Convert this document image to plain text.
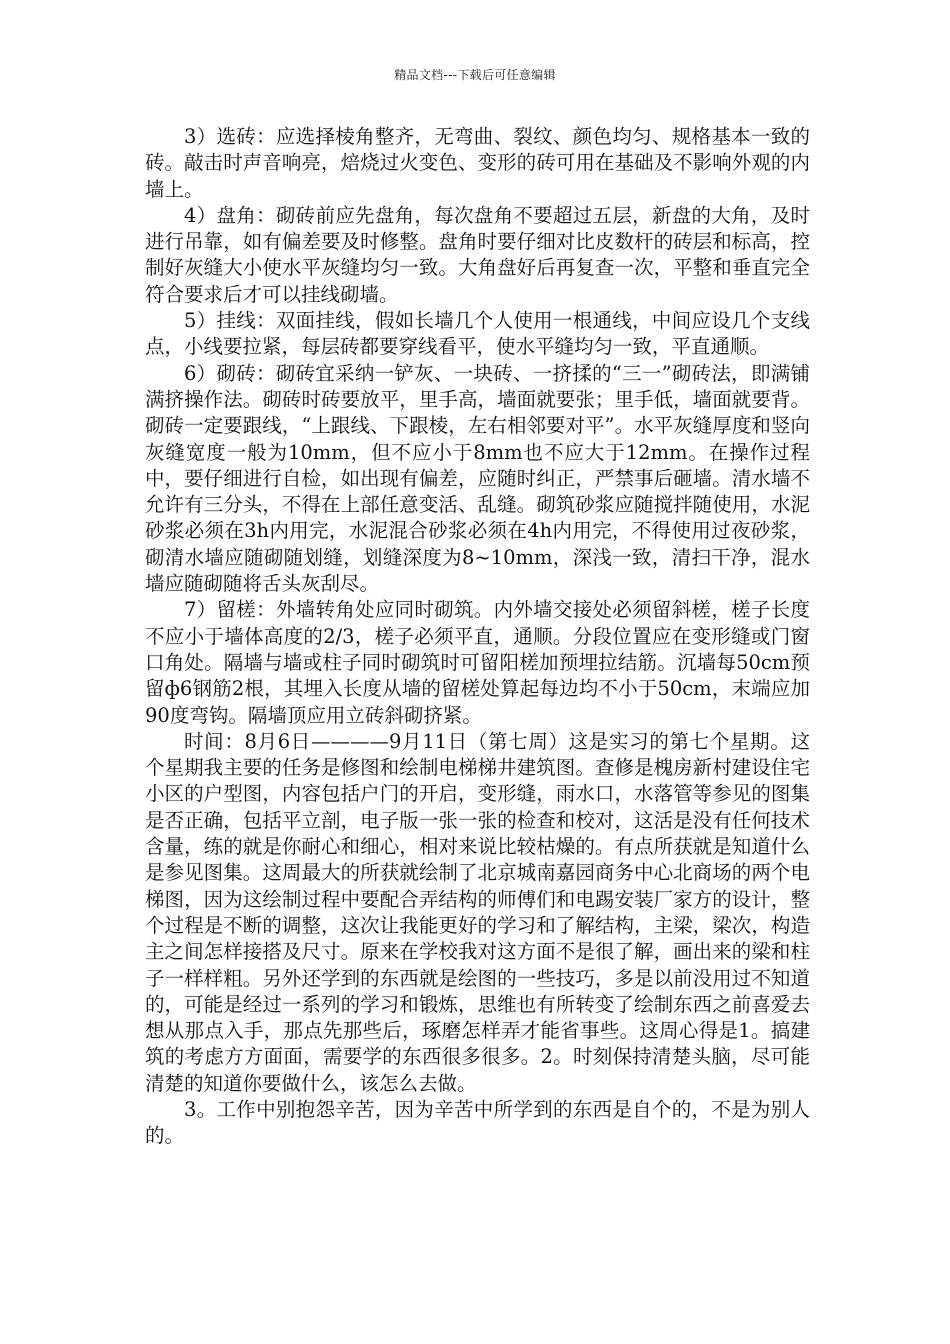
精品文档---下载后可任意编辑

3）选砖：应选择棱角整齐，无弯曲、裂纹、颜色均匀、规格基本一致的砖。敲击时声音响亮，焙烧过火变色、变形的砖可用在基础及不影响外观的内墙上。

4）盘角：砌砖前应先盘角，每次盘角不要超过五层，新盘的大角，及时进行吊靠，如有偏差要及时修整。盘角时要仔细对比皮数杆的砖层和标高，控制好灰缝大小使水平灰缝均匀一致。大角盘好后再复查一次，平整和垂直完全符合要求后才可以挂线砌墙。

5）挂线：双面挂线，假如长墙几个人使用一根通线，中间应设几个支线点，小线要拉紧，每层砖都要穿线看平，使水平缝均匀一致，平直通顺。

6）砌砖：砌砖宜采纳一铲灰、一块砖、一挤揉的“三一”砌砖法，即满铺满挤操作法。砌砖时砖要放平，里手高，墙面就要张；里手低，墙面就要背。砌砖一定要跟线，“上跟线、下跟棱，左右相邻要对平”。水平灰缝厚度和竖向灰缝宽度一般为10mm，但不应小于8mm也不应大于12mm。在操作过程中，要仔细进行自检，如出现有偏差，应随时纠正，严禁事后砸墙。清水墙不允许有三分头，不得在上部任意变活、乱缝。砌筑砂浆应随搅拌随使用，水泥砂浆必须在3h内用完，水泥混合砂浆必须在4h内用完，不得使用过夜砂浆，砌清水墙应随砌随划缝，划缝深度为8~10mm，深浅一致，清扫干净，混水墙应随砌随将舌头灰刮尽。

7）留槎：外墙转角处应同时砌筑。内外墙交接处必须留斜槎，槎子长度不应小于墙体高度的2/3，槎子必须平直，通顺。分段位置应在变形缝或门窗口角处。隔墙与墙或柱子同时砌筑时可留阳槎加预埋拉结筋。沉墙每50cm预留ф6钢筋2根，其埋入长度从墙的留槎处算起每边均不小于50cm，末端应加90度弯钩。隔墙顶应用立砖斜砌挤紧。

时间：8月6日————9月11日（第七周）这是实习的第七个星期。这个星期我主要的任务是修图和绘制电梯梯井建筑图。查修是槐房新村建设住宅小区的户型图，内容包括户门的开启，变形缝，雨水口，水落管等参见的图集是否正确，包括平立剖，电子版一张一张的检查和校对，这活是没有任何技术含量，练的就是你耐心和细心，相对来说比较枯燥的。有点所获就是知道什么是参见图集。这周最大的所获就绘制了北京城南嘉园商务中心北商场的两个电梯图，因为这绘制过程中要配合弄结构的师傅们和电踢安装厂家方的设计，整个过程是不断的调整，这次让我能更好的学习和了解结构，主梁，梁次，构造主之间怎样接搭及尺寸。原来在学校我对这方面不是很了解，画出来的梁和柱子一样样粗。另外还学到的东西就是绘图的一些技巧，多是以前没用过不知道的，可能是经过一系列的学习和锻炼，思维也有所转变了绘制东西之前喜爱去想从那点入手，那点先那些后，琢磨怎样弄才能省事些。这周心得是1。搞建筑的考虑方方面面，需要学的东西很多很多。2。时刻保持清楚头脑，尽可能清楚的知道你要做什么，该怎么去做。

3。工作中别抱怨辛苦，因为辛苦中所学到的东西是自个的，不是为别人的。
